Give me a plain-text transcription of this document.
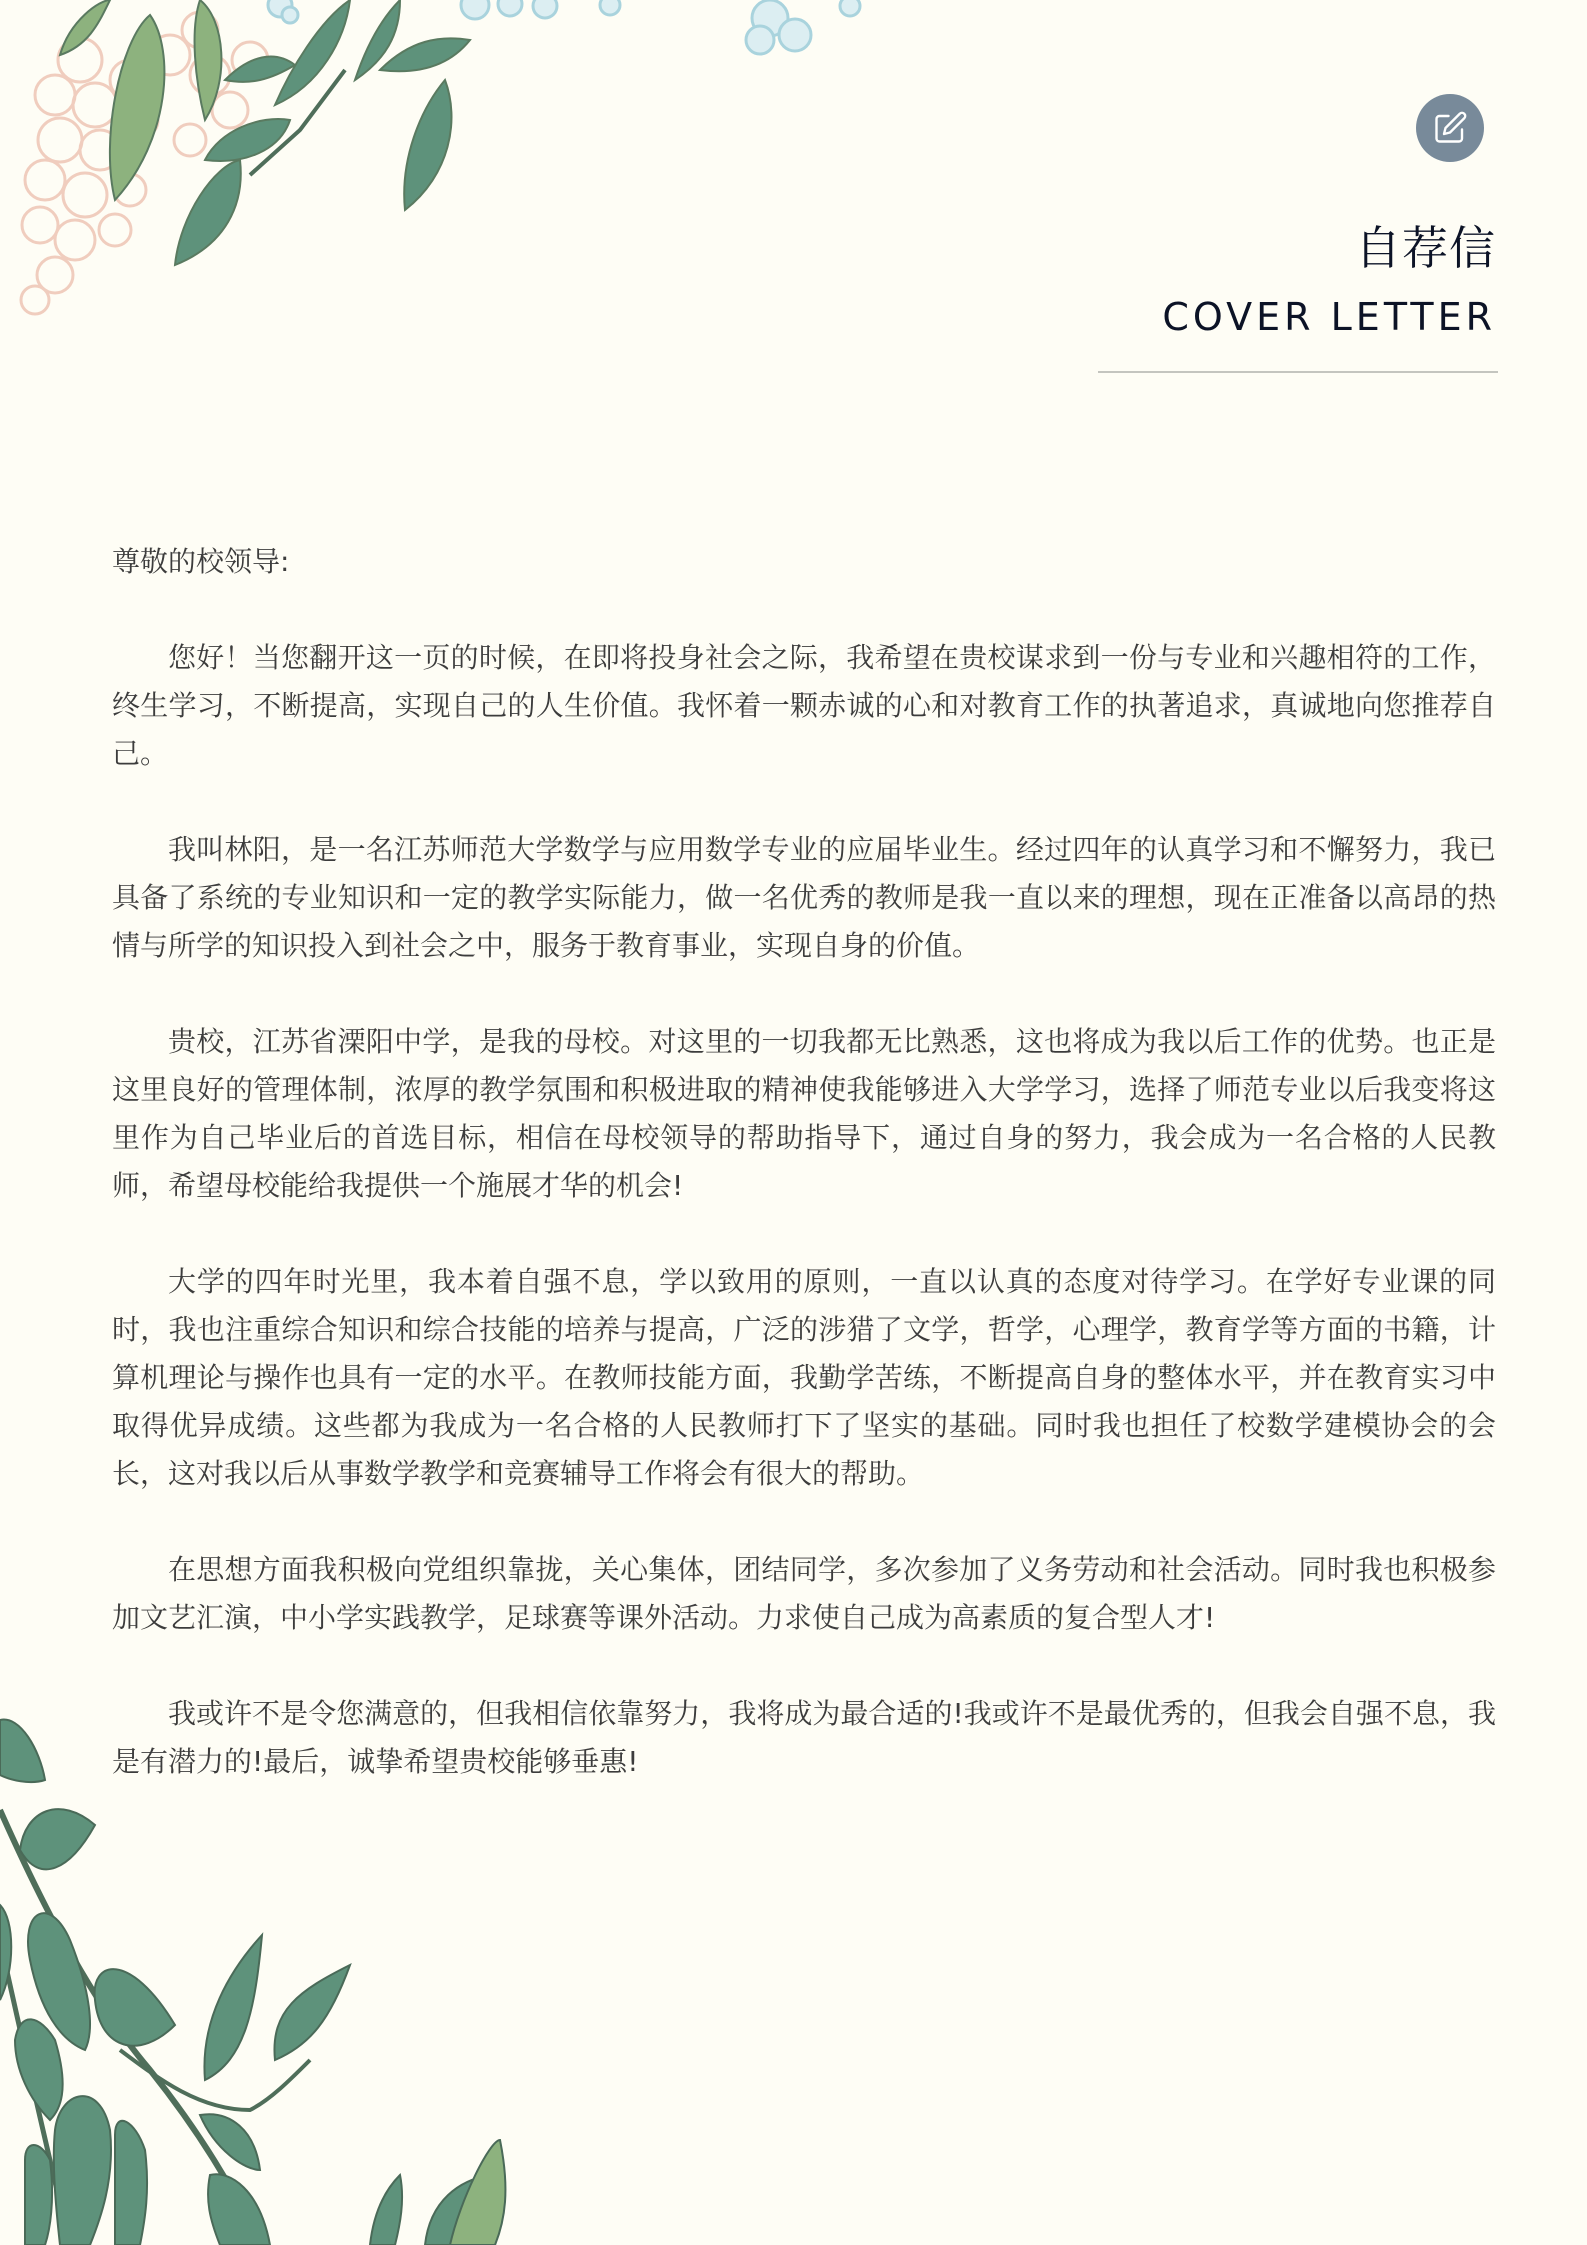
自荐信
COVER LETTER

尊敬的校领导:

您好！当您翻开这一页的时候，在即将投身社会之际，我希望在贵校谋求到一份与专业和兴趣相符的工作，终生学习，不断提高，实现自己的人生价值。我怀着一颗赤诚的心和对教育工作的执著追求，真诚地向您推荐自己。

我叫林阳，是一名江苏师范大学数学与应用数学专业的应届毕业生。经过四年的认真学习和不懈努力，我已具备了系统的专业知识和一定的教学实际能力，做一名优秀的教师是我一直以来的理想，现在正准备以高昂的热情与所学的知识投入到社会之中，服务于教育事业，实现自身的价值。

贵校，江苏省溧阳中学，是我的母校。对这里的一切我都无比熟悉，这也将成为我以后工作的优势。也正是这里良好的管理体制，浓厚的教学氛围和积极进取的精神使我能够进入大学学习，选择了师范专业以后我变将这里作为自己毕业后的首选目标，相信在母校领导的帮助指导下，通过自身的努力，我会成为一名合格的人民教师，希望母校能给我提供一个施展才华的机会!

大学的四年时光里，我本着自强不息，学以致用的原则，一直以认真的态度对待学习。在学好专业课的同时，我也注重综合知识和综合技能的培养与提高，广泛的涉猎了文学，哲学，心理学，教育学等方面的书籍，计算机理论与操作也具有一定的水平。在教师技能方面，我勤学苦练，不断提高自身的整体水平，并在教育实习中取得优异成绩。这些都为我成为一名合格的人民教师打下了坚实的基础。同时我也担任了校数学建模协会的会长，这对我以后从事数学教学和竞赛辅导工作将会有很大的帮助。

在思想方面我积极向党组织靠拢，关心集体，团结同学，多次参加了义务劳动和社会活动。同时我也积极参加文艺汇演，中小学实践教学，足球赛等课外活动。力求使自己成为高素质的复合型人才!

我或许不是令您满意的，但我相信依靠努力，我将成为最合适的!我或许不是最优秀的，但我会自强不息，我是有潜力的!最后，诚挚希望贵校能够垂惠!
